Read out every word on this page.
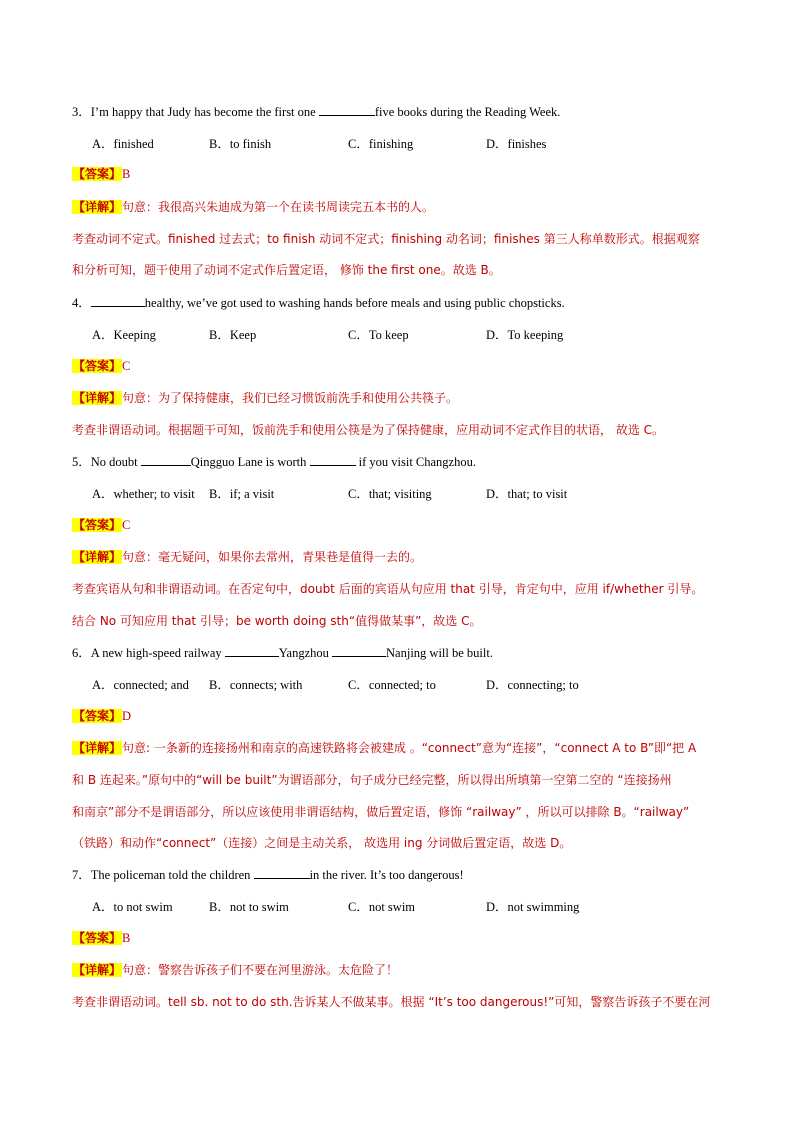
3．I’m happy that Judy has become the first one	five books during the Reading Week.
A．finished	B．to finish	C．finishing	D．finishes
【答案】B
【详解】句意：我很高兴朱迪成为第一个在读书周读完五本书的人。
考查动词不定式。finished 过去式；to finish 动词不定式；finishing 动名词；finishes 第三人称单数形式。根据观察
和分析可知，题干使用了动词不定式作后置定语， 修饰 the first one。故选 B。
4．	healthy, we’ve got used to washing hands before meals and using public chopsticks.
A．Keeping	B．Keep	C．To keep	D．To keeping
【答案】C
【详解】句意：为了保持健康，我们已经习惯饭前洗手和使用公共筷子。
考查非谓语动词。根据题干可知，饭前洗手和使用公筷是为了保持健康，应用动词不定式作目的状语， 故选 C。
5．No doubt	Qingguo Lane is worth	if you visit Changzhou.
A．whether; to visit B．if; a visit	C．that; visiting	D．that; to visit
【答案】C
【详解】句意：毫无疑问，如果你去常州，青果巷是值得一去的。
考查宾语从句和非谓语动词。在否定句中，doubt 后面的宾语从句应用 that 引导，肯定句中，应用 if/whether 引导。
结合 No 可知应用 that 引导；be worth doing sth“值得做某事”，故选 C。
6．A new high-speed railway	Yangzhou	Nanjing will be built.
A．connected; and B．connects; with	C．connected; to	D．connecting; to
【答案】D
【详解】句意: 一条新的连接扬州和南京的高速铁路将会被建成 。“connect”意为“连接”，“connect A to B”即“把 A
和 B 连起来。”原句中的“will be built”为谓语部分，句子成分已经完整，所以得出所填第一空第二空的 “连接扬州
和南京”部分不是谓语部分，所以应该使用非谓语结构，做后置定语，修饰 “railway” ，所以可以排除 B。“railway”
（铁路）和动作“connect”（连接）之间是主动关系， 故选用 ing 分词做后置定语，故选 D。
7．The policeman told the children	in the river. It’s too dangerous!
A．to not swim	B．not to swim	C．not swim	D．not swimming
【答案】B
【详解】句意：警察告诉孩子们不要在河里游泳。太危险了！
考查非谓语动词。tell sb. not to do sth.告诉某人不做某事。根据 “It’s too dangerous!”可知，警察告诉孩子不要在河
